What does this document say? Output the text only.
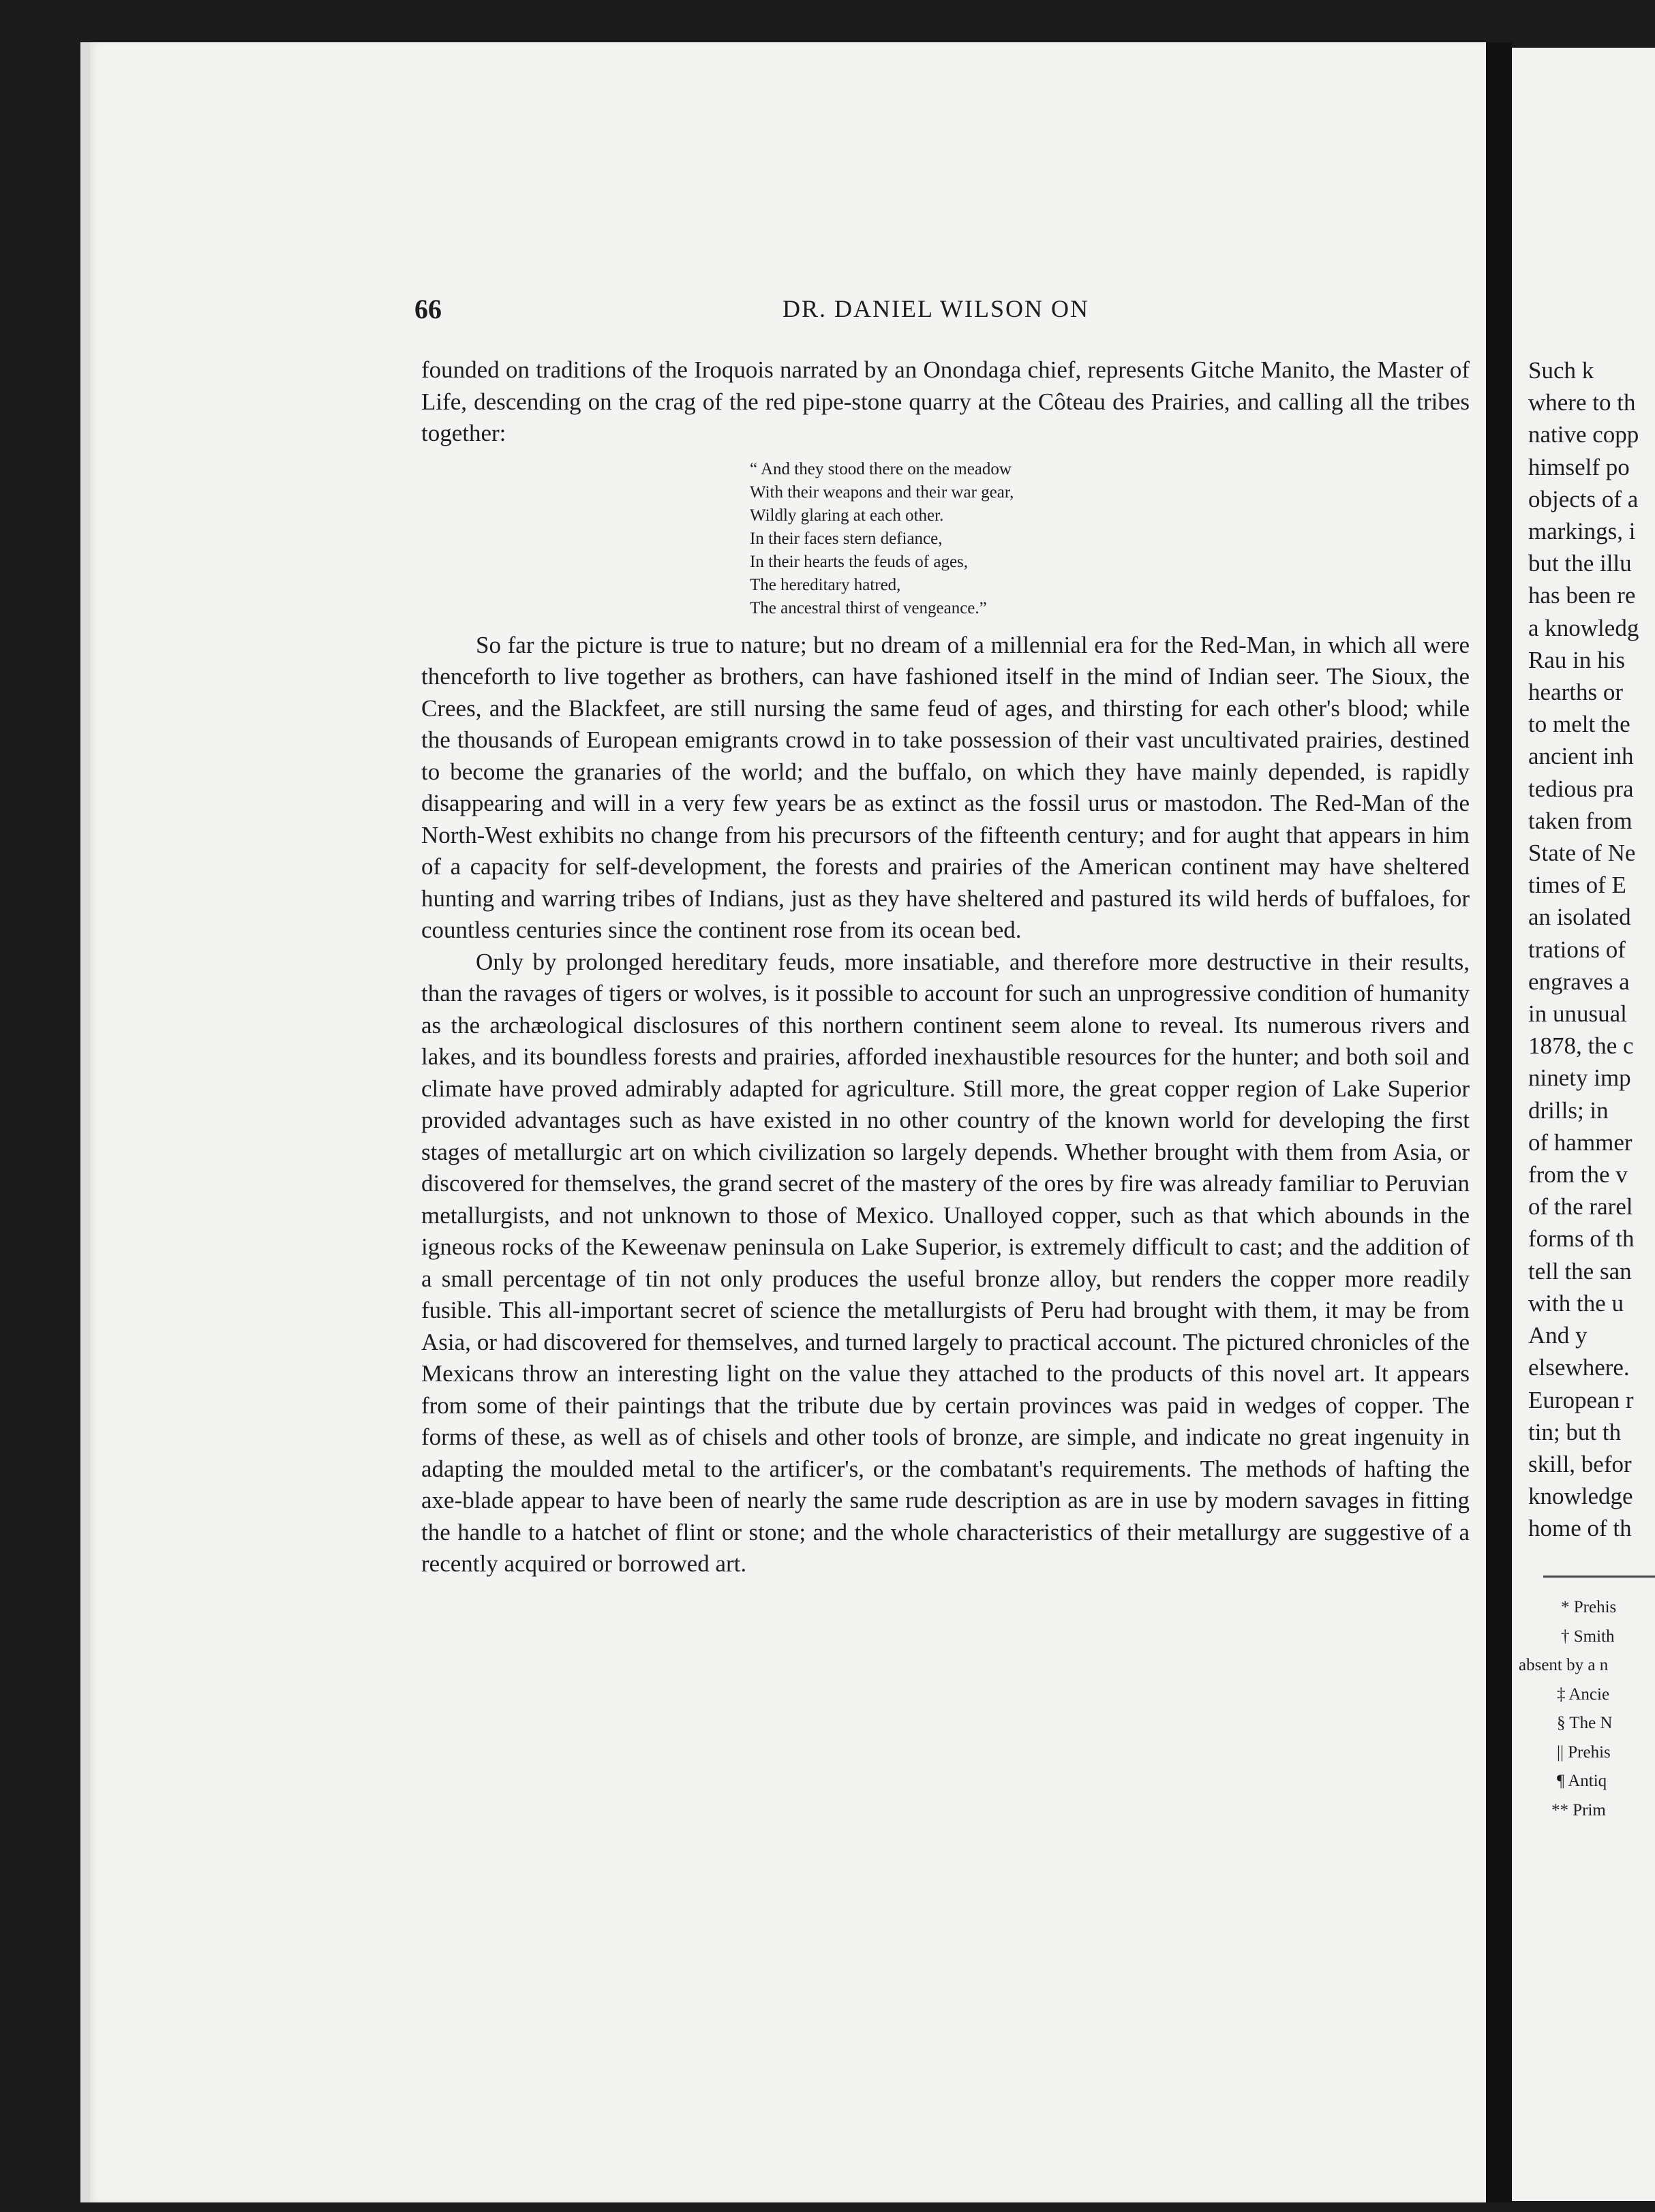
Such k
where to th
native copp
himself po
objects of a
markings, i
but the illu
has been re
a knowledg
Rau in his
hearths or
to melt the
ancient inh
tedious pra
taken from
State of Ne
times of E
an isolated
trations of
engraves a
in unusual
1878, the c
ninety imp
drills; in
of hammer
from the v
of the rarel
forms of th
tell the san
with the u
And y
elsewhere.
European r
tin; but th
skill, befor
knowledge
home of th
* Prehis
† Smith
absent by a n
‡ Ancie
§ The N
|| Prehis
¶ Antiq
** Prim
66	DR. DANIEL WILSON ON

founded on traditions of the Iroquois narrated by an Onondaga chief, represents Gitche Manito, the Master of Life, descending on the crag of the red pipe-stone quarry at the Côteau des Prairies, and calling all the tribes together:

“ And they stood there on the meadow
With their weapons and their war gear,
Wildly glaring at each other.
In their faces stern defiance,
In their hearts the feuds of ages,
The hereditary hatred,
The ancestral thirst of vengeance.”

So far the picture is true to nature; but no dream of a millennial era for the Red-Man, in which all were thenceforth to live together as brothers, can have fashioned itself in the mind of Indian seer. The Sioux, the Crees, and the Blackfeet, are still nursing the same feud of ages, and thirsting for each other's blood; while the thousands of European emigrants crowd in to take possession of their vast uncultivated prairies, destined to become the granaries of the world; and the buffalo, on which they have mainly depended, is rapidly disappearing and will in a very few years be as extinct as the fossil urus or mastodon. The Red-Man of the North-West exhibits no change from his precursors of the fifteenth century; and for aught that appears in him of a capacity for self-development, the forests and prairies of the American continent may have sheltered hunting and warring tribes of Indians, just as they have sheltered and pastured its wild herds of buffaloes, for countless centuries since the continent rose from its ocean bed.

Only by prolonged hereditary feuds, more insatiable, and therefore more destructive in their results, than the ravages of tigers or wolves, is it possible to account for such an unprogressive condition of humanity as the archæological disclosures of this northern continent seem alone to reveal. Its numerous rivers and lakes, and its boundless forests and prairies, afforded inexhaustible resources for the hunter; and both soil and climate have proved admirably adapted for agriculture. Still more, the great copper region of Lake Superior provided advantages such as have existed in no other country of the known world for developing the first stages of metallurgic art on which civilization so largely depends. Whether brought with them from Asia, or discovered for themselves, the grand secret of the mastery of the ores by fire was already familiar to Peruvian metallurgists, and not unknown to those of Mexico. Unalloyed copper, such as that which abounds in the igneous rocks of the Keweenaw peninsula on Lake Superior, is extremely difficult to cast; and the addition of a small percentage of tin not only produces the useful bronze alloy, but renders the copper more readily fusible. This all-important secret of science the metallurgists of Peru had brought with them, it may be from Asia, or had discovered for themselves, and turned largely to practical account. The pictured chronicles of the Mexicans throw an interesting light on the value they attached to the products of this novel art. It appears from some of their paintings that the tribute due by certain provinces was paid in wedges of copper. The forms of these, as well as of chisels and other tools of bronze, are simple, and indicate no great ingenuity in adapting the moulded metal to the artificer's, or the combatant's requirements. The methods of hafting the axe-blade appear to have been of nearly the same rude description as are in use by modern savages in fitting the handle to a hatchet of flint or stone; and the whole characteristics of their metallurgy are suggestive of a recently acquired or borrowed art.
